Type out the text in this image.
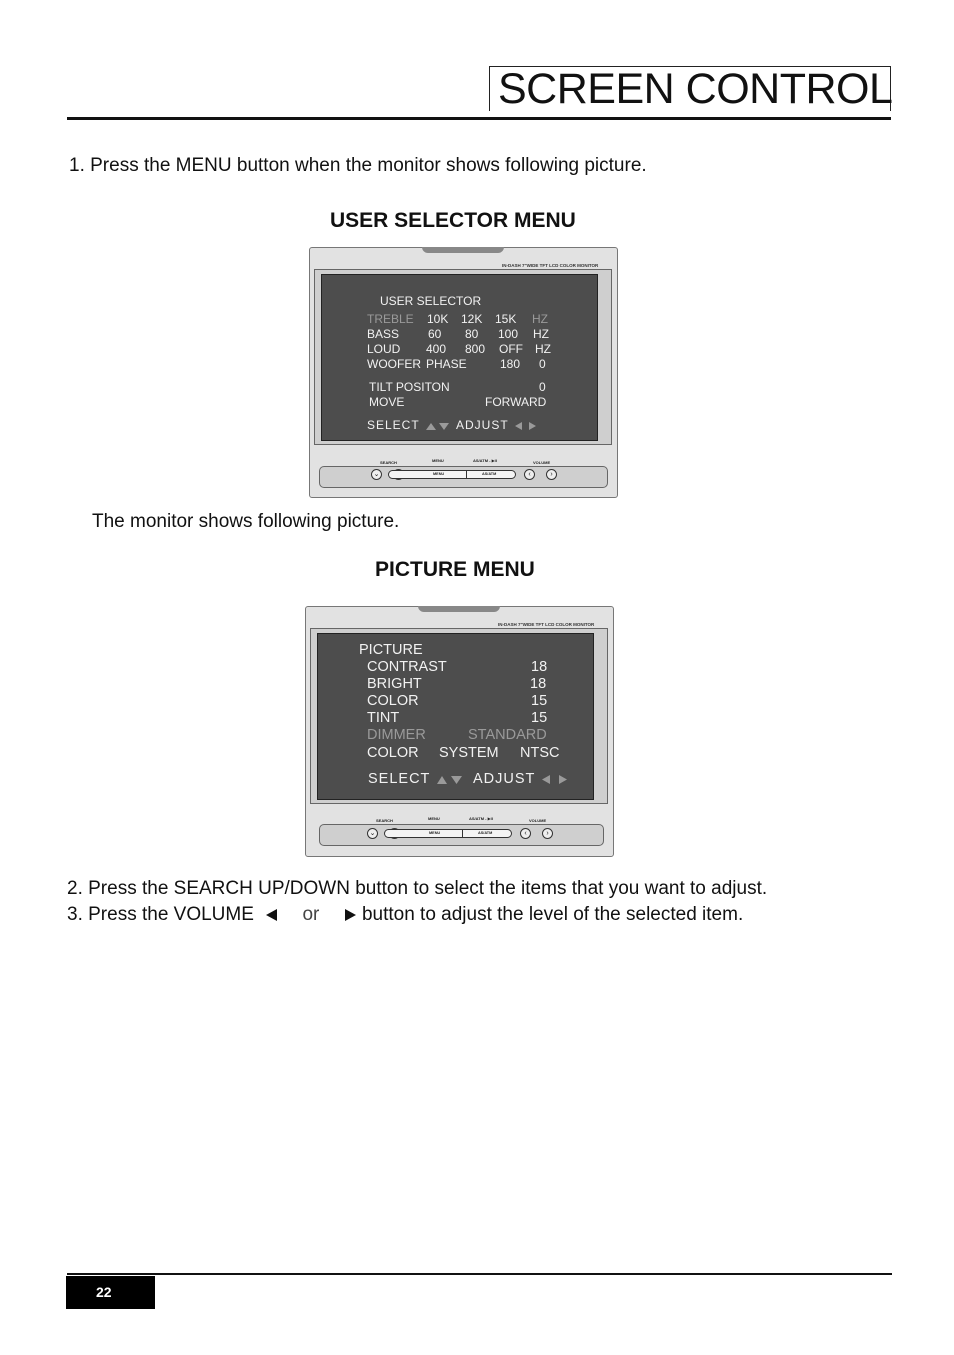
SCREEN CONTROL
1. Press the MENU button when the monitor shows following picture.
USER SELECTOR MENU
IN-DASH 7"WIDE TFT LCD COLOR MONITOR
USER SELECTOR
TREBLE 10K 12K 15K HZ
BASS 60 80 100 HZ
LOUD 400 800 OFF HZ
WOOFER PHASE	180 0
TILT POSITON	0
MOVE	FORWARD
SELECT	ADJUST
SEARCH	MENU	AS/ATM - ▶II	VOLUME
⌄	MENU	AS/ATM	‹	›
The monitor shows following picture.
PICTURE MENU
IN-DASH 7"WIDE TFT LCD COLOR MONITOR
PICTURE
CONTRAST	18
BRIGHT	18
COLOR	15
TINT	15
DIMMER	STANDARD
COLOR SYSTEM NTSC
SELECT	ADJUST
SEARCH	MENU	AS/ATM - ▶II	VOLUME
⌄	MENU	AS/ATM	‹	›
2. Press the SEARCH UP/DOWN button to select the items that you want to adjust.
3. Press the VOLUME	or button to adjust the level of the selected item.
22
